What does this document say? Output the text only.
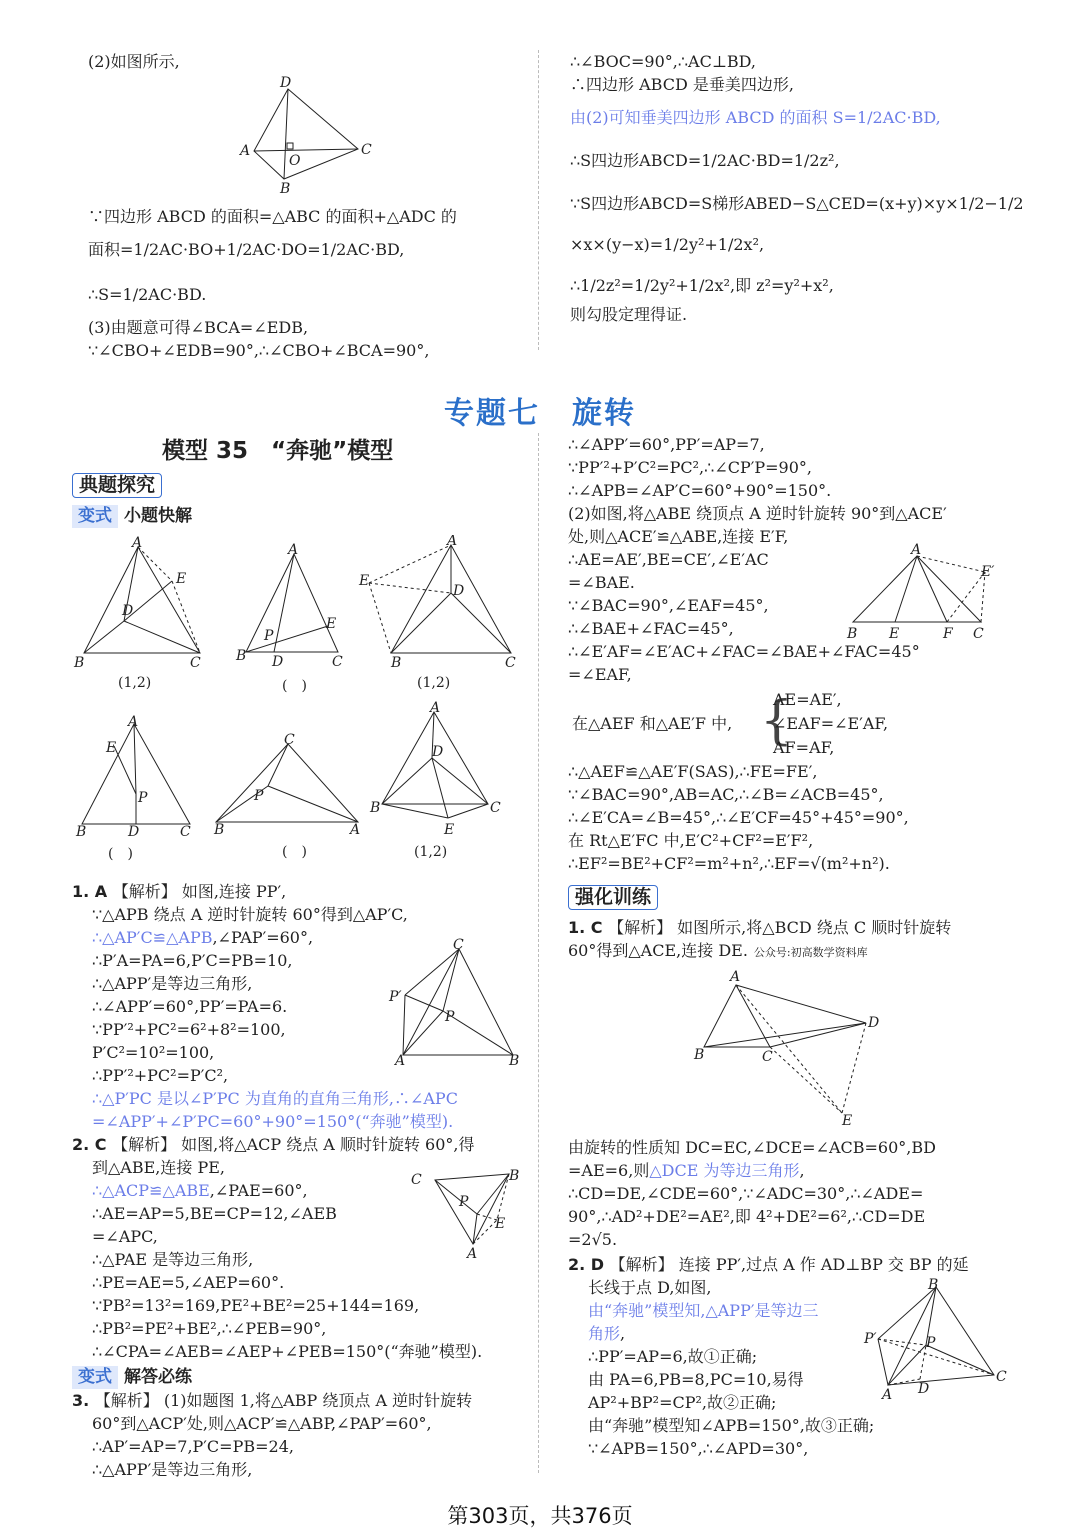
(2)如图所示,

∵四边形 ABCD 的面积=△ABC 的面积+△ADC 的

面积=1/2AC·BO+1/2AC·DO=1/2AC·BD,

∴S=1/2AC·BD.

(3)由题意可得∠BCA=∠EDB,

∵∠CBO+∠EDB=90°,∴∠CBO+∠BCA=90°,

D
A	C
B
O

∴∠BOC=90°,∴AC⊥BD,

∴四边形 ABCD 是垂美四边形,

由(2)可知垂美四边形 ABCD 的面积 S=1/2AC·BD,

∴S四边形ABCD=1/2AC·BD=1/2z²,

∵S四边形ABCD=S梯形ABED−S△CED=(x+y)×y×1/2−1/2

×x×(y−x)=1/2y²+1/2x²,

∴1/2z²=1/2y²+1/2x²,即 z²=y²+x²,

则勾股定理得证.

专题七　旋转
模型 35　“奔驰”模型

典题探究

变式 小题快解

1. A 【解析】 如图,连接 PP′,

∵△APB 绕点 A 逆时针旋转 60°得到△AP′C,

∴△AP′C≌△APB,∠PAP′=60°,

∴P′A=PA=6,P′C=PB=10,

∴△APP′是等边三角形,

∴∠APP′=60°,PP′=PA=6.

∵PP′²+PC²=6²+8²=100,

P′C²=10²=100,

∴PP′²+PC²=P′C²,

∴△P′PC 是以∠P′PC 为直角的直角三角形,∴∠APC

=∠APP′+∠P′PC=60°+90°=150°(“奔驰”模型).

2. C 【解析】 如图,将△ACP 绕点 A 顺时针旋转 60°,得

到△ABE,连接 PE,

∴△ACP≌△ABE,∠PAE=60°,

∴AE=AP=5,BE=CP=12,∠AEB

=∠APC,

∴△PAE 是等边三角形,

∴PE=AE=5,∠AEP=60°.

∵PB²=13²=169,PE²+BE²=25+144=169,

∴PB²=PE²+BE²,∴∠PEB=90°,

∴∠CPA=∠AEB=∠AEP+∠PEB=150°(“奔驰”模型).

变式 解答必练

3. 【解析】 (1)如题图 1,将△ABP 绕顶点 A 逆时针旋转

60°到△ACP′处,则△ACP′≌△ABP,∠PAP′=60°,

∴AP′=AP=7,P′C=PB=24,

∴△APP′是等边三角形,

A
B	C
D
E
(1,2)
A
B	C
D
E
P
(　)
A
B	C
D
E
(1,2)
A
B	C
D
E
P
(　)
C
B	A
P
(　)
A
B	C
D
E
(1,2)
C
P′
P
A	B
C	B
P
E
A

∴∠APP′=60°,PP′=AP=7,

∵PP′²+P′C²=PC²,∴∠CP′P=90°,

∴∠APB=∠AP′C=60°+90°=150°.

(2)如图,将△ABE 绕顶点 A 逆时针旋转 90°到△ACE′

处,则△ACE′≌△ABE,连接 E′F,

∴AE=AE′,BE=CE′,∠E′AC

=∠BAE.

∵∠BAC=90°,∠EAF=45°,

∴∠BAE+∠FAC=45°,

∴∠E′AF=∠E′AC+∠FAC=∠BAE+∠FAC=45°

=∠EAF,

在△AEF 和△AE′F 中, {
AE=AE′,
∠EAF=∠E′AF,
AF=AF,

∴△AEF≌△AE′F(SAS),∴FE=FE′,

∵∠BAC=90°,AB=AC,∴∠B=∠ACB=45°,

∴∠E′CA=∠B=45°,∴∠E′CF=45°+45°=90°,

在 Rt△E′FC 中,E′C²+CF²=E′F²,

∴EF²=BE²+CF²=m²+n²,∴EF=√(m²+n²).

强化训练

1. C 【解析】 如图所示,将△BCD 绕点 C 顺时针旋转

60°得到△ACE,连接 DE. 公众号:初高数学资料库

由旋转的性质知 DC=EC,∠DCE=∠ACB=60°,BD

=AE=6,则△DCE 为等边三角形,

∴CD=DE,∠CDE=60°,∵∠ADC=30°,∴∠ADE=

90°,∴AD²+DE²=AE²,即 4²+DE²=6²,∴CD=DE

=2√5.

2. D 【解析】 连接 PP′,过点 A 作 AD⊥BP 交 BP 的延

长线于点 D,如图,

由“奔驰”模型知,△APP′是等边三

角形,

∴PP′=AP=6,故①正确;

由 PA=6,PB=8,PC=10,易得

AP²+BP²=CP²,故②正确;

由“奔驰”模型知∠APB=150°,故③正确;

∵∠APB=150°,∴∠APD=30°,

A
E′
B E	F C
A
B	C
D
E
B
P′	P
C
A D
第303页，共376页
